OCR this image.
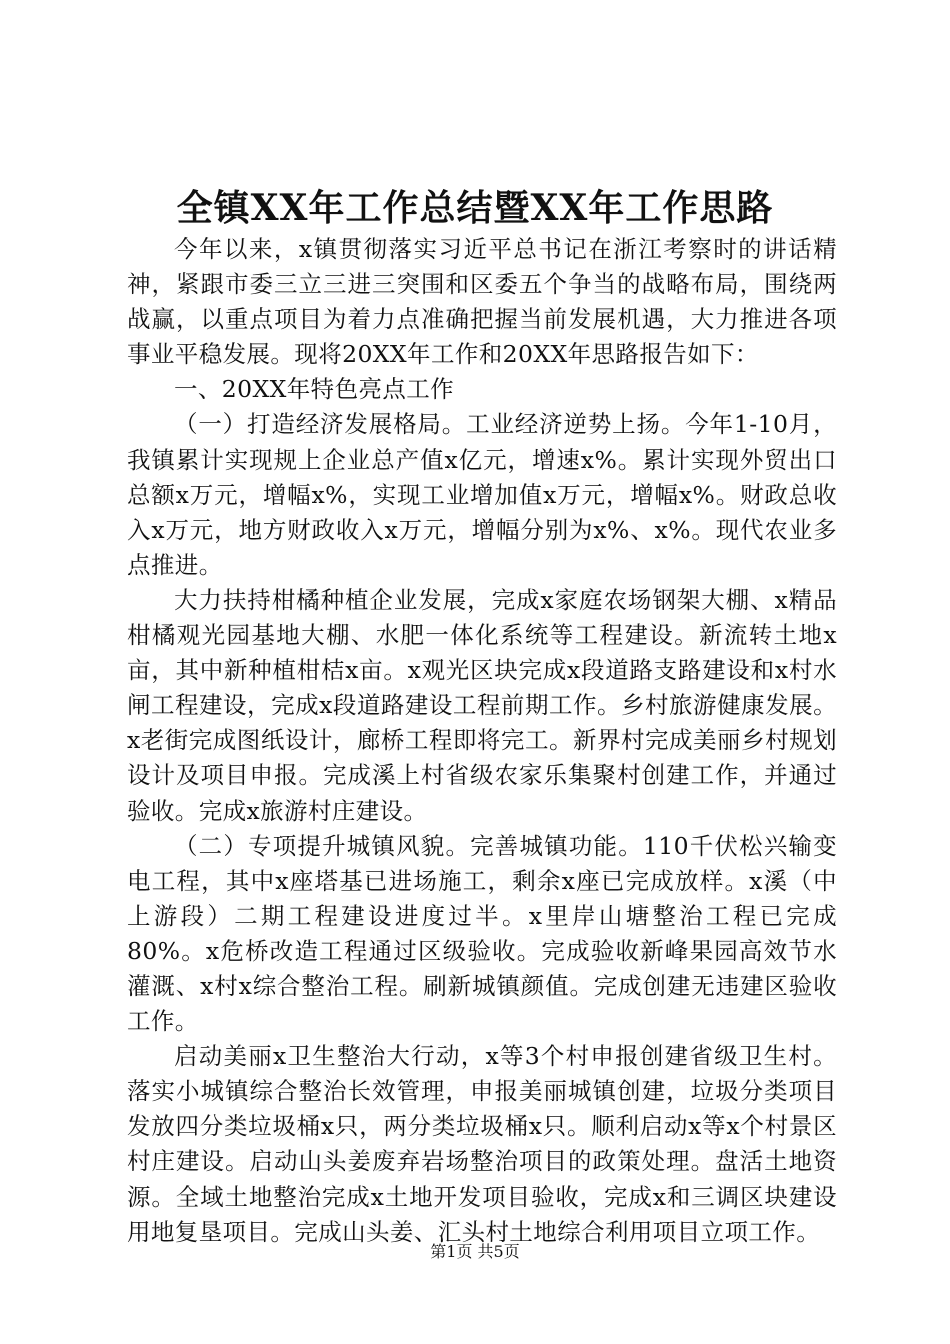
全镇XX年工作总结暨XX年工作思路

今年以来，x镇贯彻落实习近平总书记在浙江考察时的讲话精神，紧跟市委三立三进三突围和区委五个争当的战略布局，围绕两战赢，以重点项目为着力点准确把握当前发展机遇，大力推进各项事业平稳发展。现将20XX年工作和20XX年思路报告如下：

一、20XX年特色亮点工作

（一）打造经济发展格局。工业经济逆势上扬。今年1-10月，我镇累计实现规上企业总产值x亿元，增速x%。累计实现外贸出口总额x万元，增幅x%，实现工业增加值x万元，增幅x%。财政总收入x万元，地方财政收入x万元，增幅分别为x%、x%。现代农业多点推进。

大力扶持柑橘种植企业发展，完成x家庭农场钢架大棚、x精品柑橘观光园基地大棚、水肥一体化系统等工程建设。新流转土地x亩，其中新种植柑桔x亩。x观光区块完成x段道路支路建设和x村水闸工程建设，完成x段道路建设工程前期工作。乡村旅游健康发展。x老街完成图纸设计，廊桥工程即将完工。新界村完成美丽乡村规划设计及项目申报。完成溪上村省级农家乐集聚村创建工作，并通过验收。完成x旅游村庄建设。

（二）专项提升城镇风貌。完善城镇功能。110千伏松兴输变电工程，其中x座塔基已进场施工，剩余x座已完成放样。x溪（中上游段）二期工程建设进度过半。x里岸山塘整治工程已完成80%。x危桥改造工程通过区级验收。完成验收新峰果园高效节水灌溉、x村x综合整治工程。刷新城镇颜值。完成创建无违建区验收工作。

启动美丽x卫生整治大行动，x等3个村申报创建省级卫生村。落实小城镇综合整治长效管理，申报美丽城镇创建，垃圾分类项目发放四分类垃圾桶x只，两分类垃圾桶x只。顺利启动x等x个村景区村庄建设。启动山头姜废弃岩场整治项目的政策处理。盘活土地资源。全域土地整治完成x土地开发项目验收，完成x和三调区块建设用地复垦项目。完成山头姜、汇头村土地综合利用项目立项工作。

第1页 共5页
